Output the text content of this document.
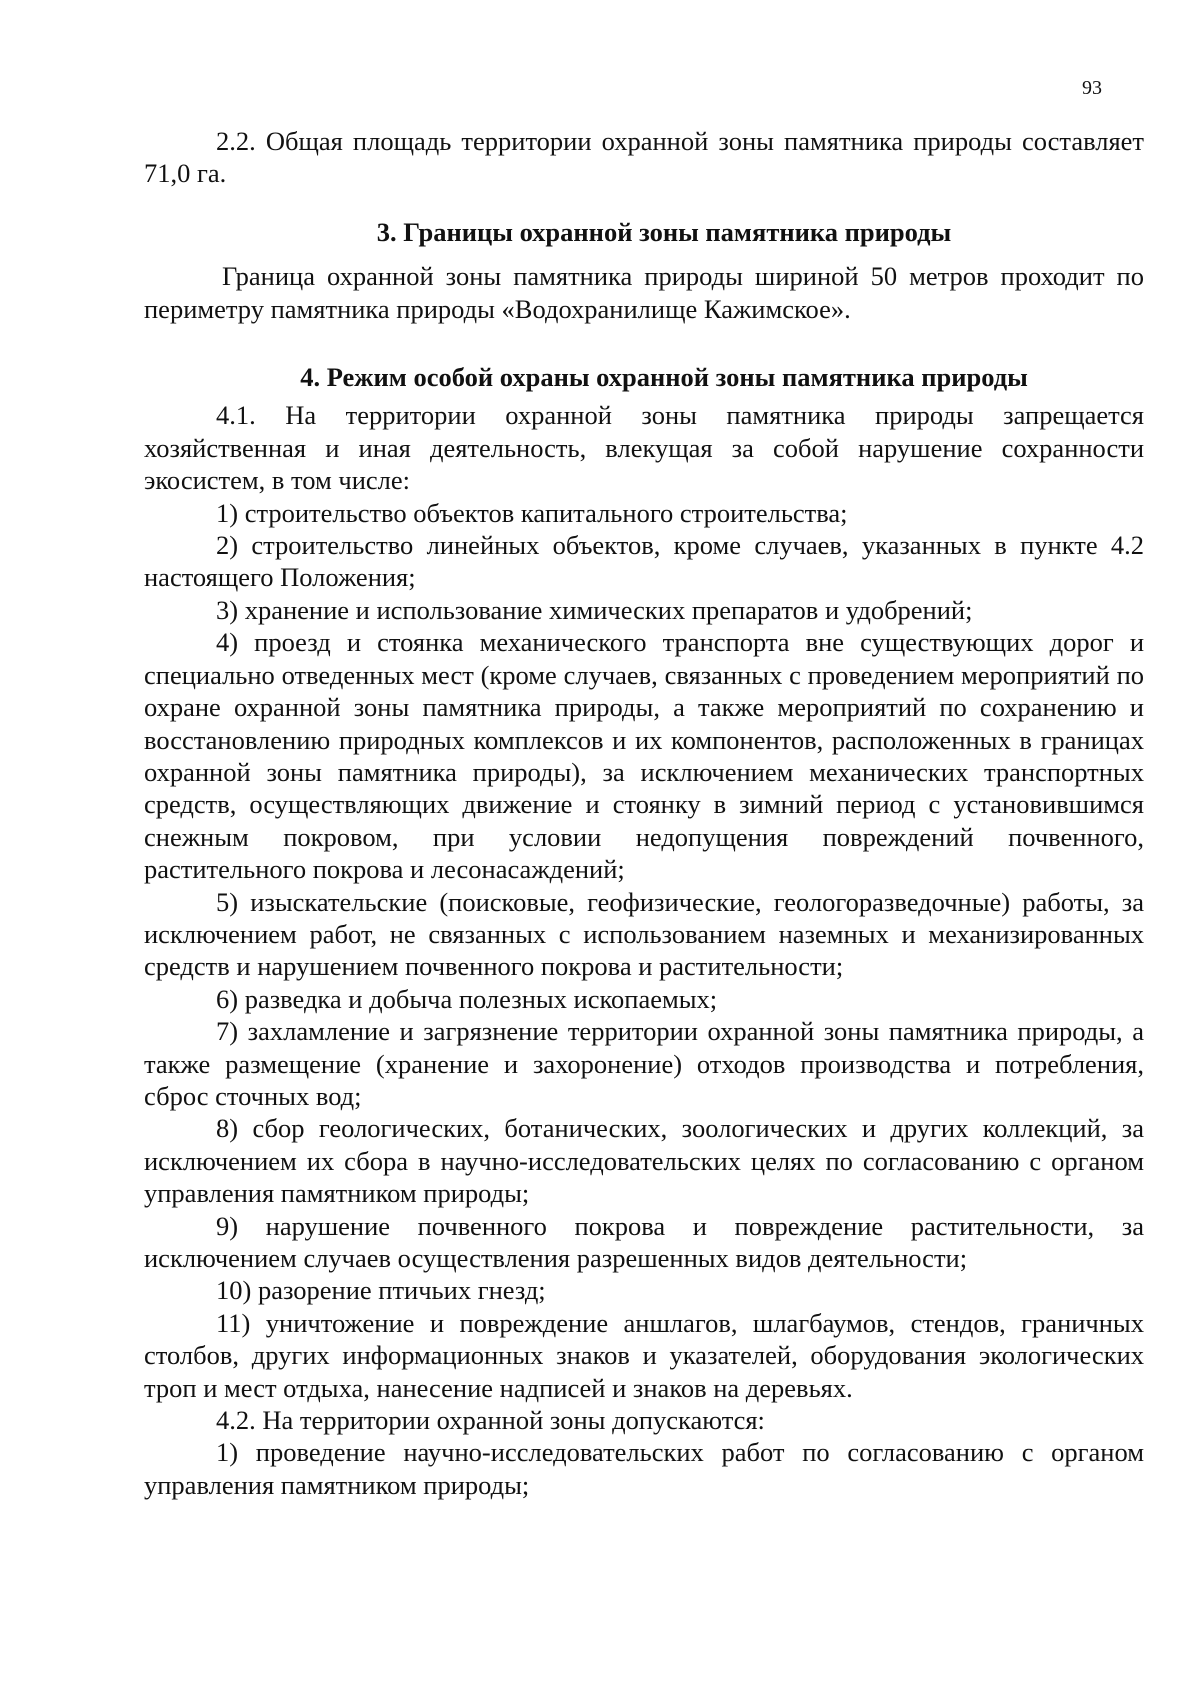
93

2.2. Общая площадь территории охранной зоны памятника природы составляет 71,0 га.

3. Границы охранной зоны памятника природы

Граница охранной зоны памятника природы шириной 50 метров проходит по периметру памятника природы «Водохранилище Кажимское».

4. Режим особой охраны охранной зоны памятника природы

4.1. На территории охранной зоны памятника природы запрещается хозяйственная и иная деятельность, влекущая за собой нарушение сохранности экосистем, в том числе:

1) строительство объектов капитального строительства;

2) строительство линейных объектов, кроме случаев, указанных в пункте 4.2 настоящего Положения;

3) хранение и использование химических препаратов и удобрений;

4) проезд и стоянка механического транспорта вне существующих дорог и специально отведенных мест (кроме случаев, связанных с проведением мероприятий по охране охранной зоны памятника природы, а также мероприятий по сохранению и восстановлению природных комплексов и их компонентов, расположенных в границах охранной зоны памятника природы), за исключением механических транспортных средств, осуществляющих движение и стоянку в зимний период с установившимся снежным покровом, при условии недопущения повреждений почвенного, растительного покрова и лесонасаждений;

5) изыскательские (поисковые, геофизические, геологоразведочные) работы, за исключением работ, не связанных с использованием наземных и механизированных средств и нарушением почвенного покрова и растительности;

6) разведка и добыча полезных ископаемых;

7) захламление и загрязнение территории охранной зоны памятника природы, а также размещение (хранение и захоронение) отходов производства и потребления, сброс сточных вод;

8) сбор геологических, ботанических, зоологических и других коллекций, за исключением их сбора в научно-исследовательских целях по согласованию с органом управления памятником природы;

9) нарушение почвенного покрова и повреждение растительности, за исключением случаев осуществления разрешенных видов деятельности;

10) разорение птичьих гнезд;

11) уничтожение и повреждение аншлагов, шлагбаумов, стендов, граничных столбов, других информационных знаков и указателей, оборудования экологических троп и мест отдыха, нанесение надписей и знаков на деревьях.

4.2. На территории охранной зоны допускаются:

1) проведение научно-исследовательских работ по согласованию с органом управления памятником природы;
